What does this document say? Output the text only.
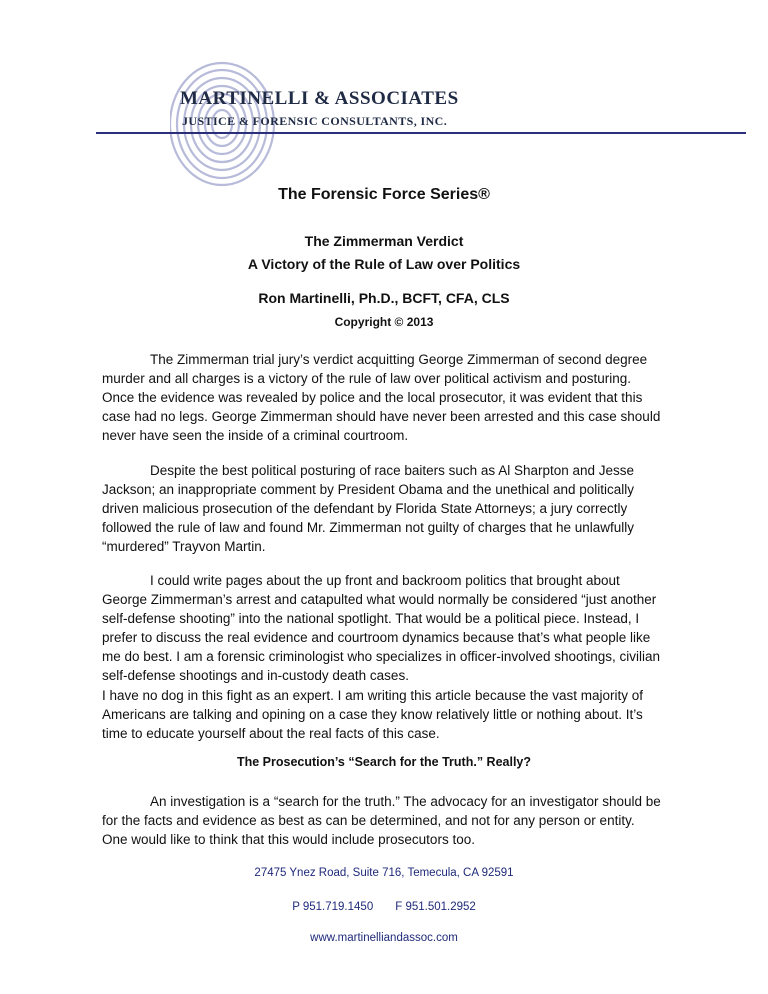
MARTINELLI & ASSOCIATES
JUSTICE & FORENSIC CONSULTANTS, INC.
The Forensic Force Series®
The Zimmerman Verdict
A Victory of the Rule of Law over Politics
Ron Martinelli, Ph.D., BCFT, CFA, CLS
Copyright © 2013

The Zimmerman trial jury’s verdict acquitting George Zimmerman of second degree murder and all charges is a victory of the rule of law over political activism and posturing. Once the evidence was revealed by police and the local prosecutor, it was evident that this case had no legs. George Zimmerman should have never been arrested and this case should never have seen the inside of a criminal courtroom.

Despite the best political posturing of race baiters such as Al Sharpton and Jesse Jackson; an inappropriate comment by President Obama and the unethical and politically driven malicious prosecution of the defendant by Florida State Attorneys; a jury correctly followed the rule of law and found Mr. Zimmerman not guilty of charges that he unlawfully “murdered” Trayvon Martin.

I could write pages about the up front and backroom politics that brought about George Zimmerman’s arrest and catapulted what would normally be considered “just another self-defense shooting” into the national spotlight. That would be a political piece. Instead, I prefer to discuss the real evidence and courtroom dynamics because that’s what people like me do best. I am a forensic criminologist who specializes in officer-involved shootings, civilian self-defense shootings and in-custody death cases.

I have no dog in this fight as an expert. I am writing this article because the vast majority of Americans are talking and opining on a case they know relatively little or nothing about. It’s time to educate yourself about the real facts of this case.

The Prosecution’s “Search for the Truth.” Really?

An investigation is a “search for the truth.” The advocacy for an investigator should be for the facts and evidence as best as can be determined, and not for any person or entity. One would like to think that this would include prosecutors too.

27475 Ynez Road, Suite 716, Temecula, CA 92591
P 951.719.1450 F 951.501.2952
www.martinelliandassoc.com
